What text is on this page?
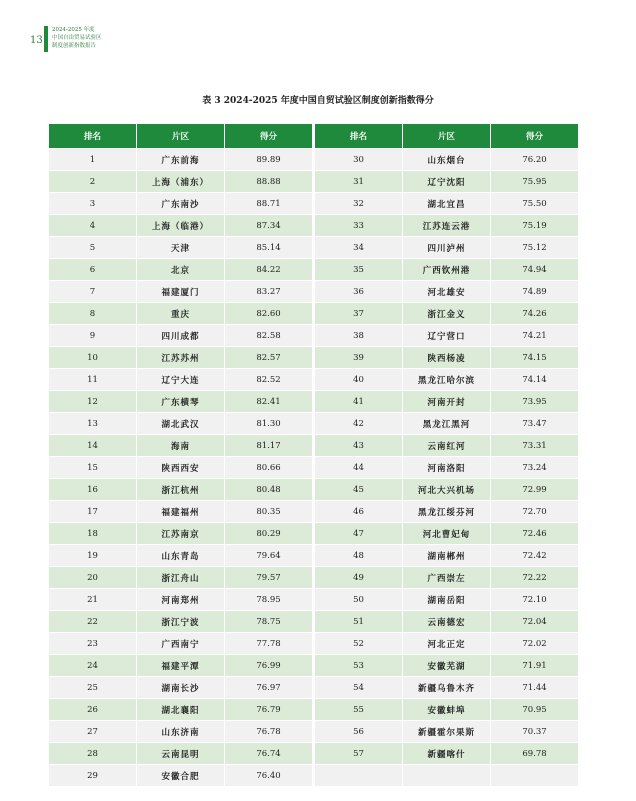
13
2024-2025 年度
中国自由贸易试验区
制度创新指数报告
表 3 2024-2025 年度中国自贸试验区制度创新指数得分
排名	片区	得分
1	广东前海	89.89
2	上海（浦东）	88.88
3	广东南沙	88.71
4	上海（临港）	87.34
5	天津	85.14
6	北京	84.22
7	福建厦门	83.27
8	重庆	82.60
9	四川成都	82.58
10	江苏苏州	82.57
11	辽宁大连	82.52
12	广东横琴	82.41
13	湖北武汉	81.30
14	海南	81.17
15	陕西西安	80.66
16	浙江杭州	80.48
17	福建福州	80.35
18	江苏南京	80.29
19	山东青岛	79.64
20	浙江舟山	79.57
21	河南郑州	78.95
22	浙江宁波	78.75
23	广西南宁	77.78
24	福建平潭	76.99
25	湖南长沙	76.97
26	湖北襄阳	76.79
27	山东济南	76.78
28	云南昆明	76.74
29	安徽合肥	76.40
排名	片区	得分
30	山东烟台	76.20
31	辽宁沈阳	75.95
32	湖北宜昌	75.50
33	江苏连云港	75.19
34	四川泸州	75.12
35	广西钦州港	74.94
36	河北雄安	74.89
37	浙江金义	74.26
38	辽宁营口	74.21
39	陕西杨凌	74.15
40	黑龙江哈尔滨	74.14
41	河南开封	73.95
42	黑龙江黑河	73.47
43	云南红河	73.31
44	河南洛阳	73.24
45	河北大兴机场	72.99
46	黑龙江绥芬河	72.70
47	河北曹妃甸	72.46
48	湖南郴州	72.42
49	广西崇左	72.22
50	湖南岳阳	72.10
51	云南德宏	72.04
52	河北正定	72.02
53	安徽芜湖	71.91
54	新疆乌鲁木齐	71.44
55	安徽蚌埠	70.95
56	新疆霍尔果斯	70.37
57	新疆喀什	69.78
